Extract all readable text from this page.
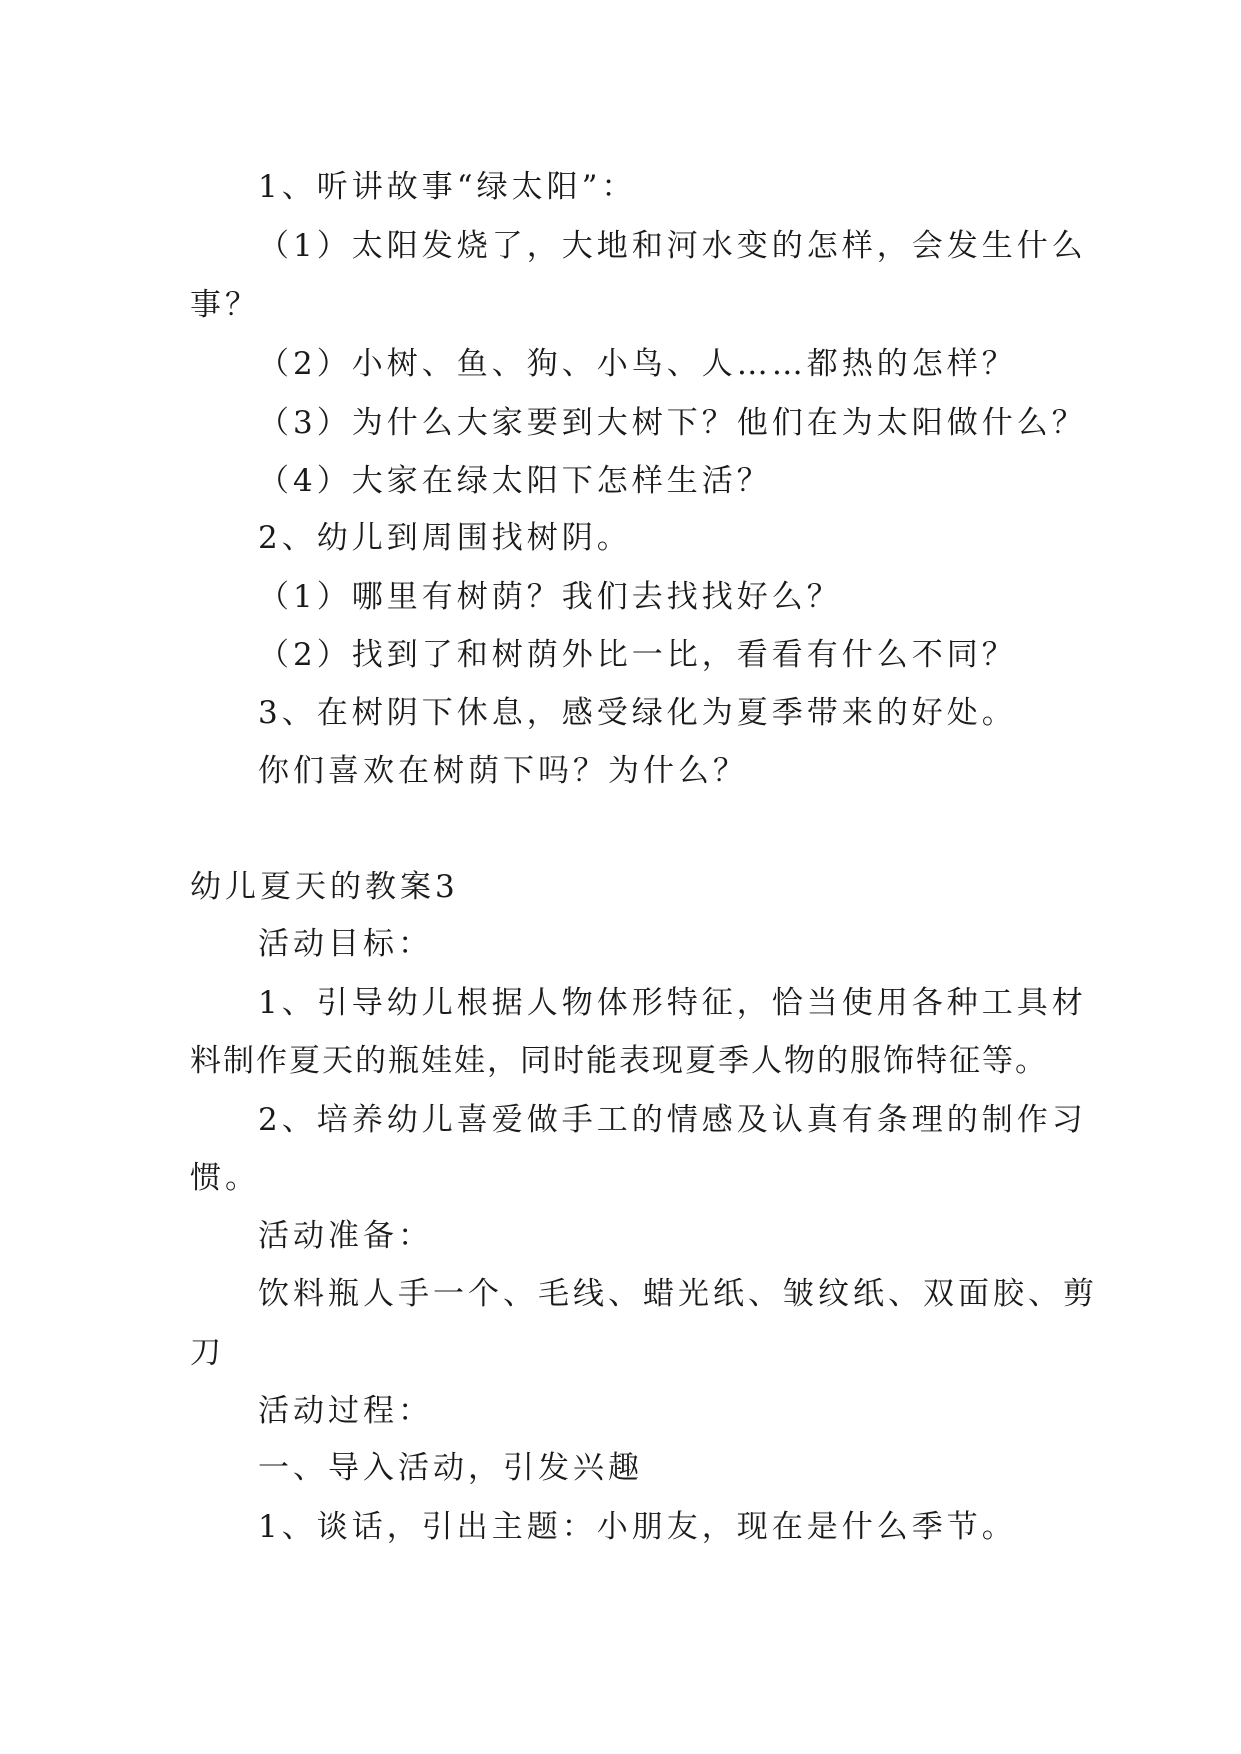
1、听讲故事“绿太阳”：
（1）太阳发烧了，大地和河水变的怎样，会发生什么
事？
（2）小树、鱼、狗、小鸟、人……都热的怎样？
（3）为什么大家要到大树下？他们在为太阳做什么？
（4）大家在绿太阳下怎样生活？
2、幼儿到周围找树阴。
（1）哪里有树荫？我们去找找好么？
（2）找到了和树荫外比一比，看看有什么不同？
3、在树阴下休息，感受绿化为夏季带来的好处。
你们喜欢在树荫下吗？为什么？
幼儿夏天的教案3
活动目标：
1、引导幼儿根据人物体形特征，恰当使用各种工具材
料制作夏天的瓶娃娃，同时能表现夏季人物的服饰特征等。
2、培养幼儿喜爱做手工的情感及认真有条理的制作习
惯。
活动准备：
饮料瓶人手一个、毛线、蜡光纸、皱纹纸、双面胶、剪
刀
活动过程：
一、导入活动，引发兴趣
1、谈话，引出主题：小朋友，现在是什么季节。
